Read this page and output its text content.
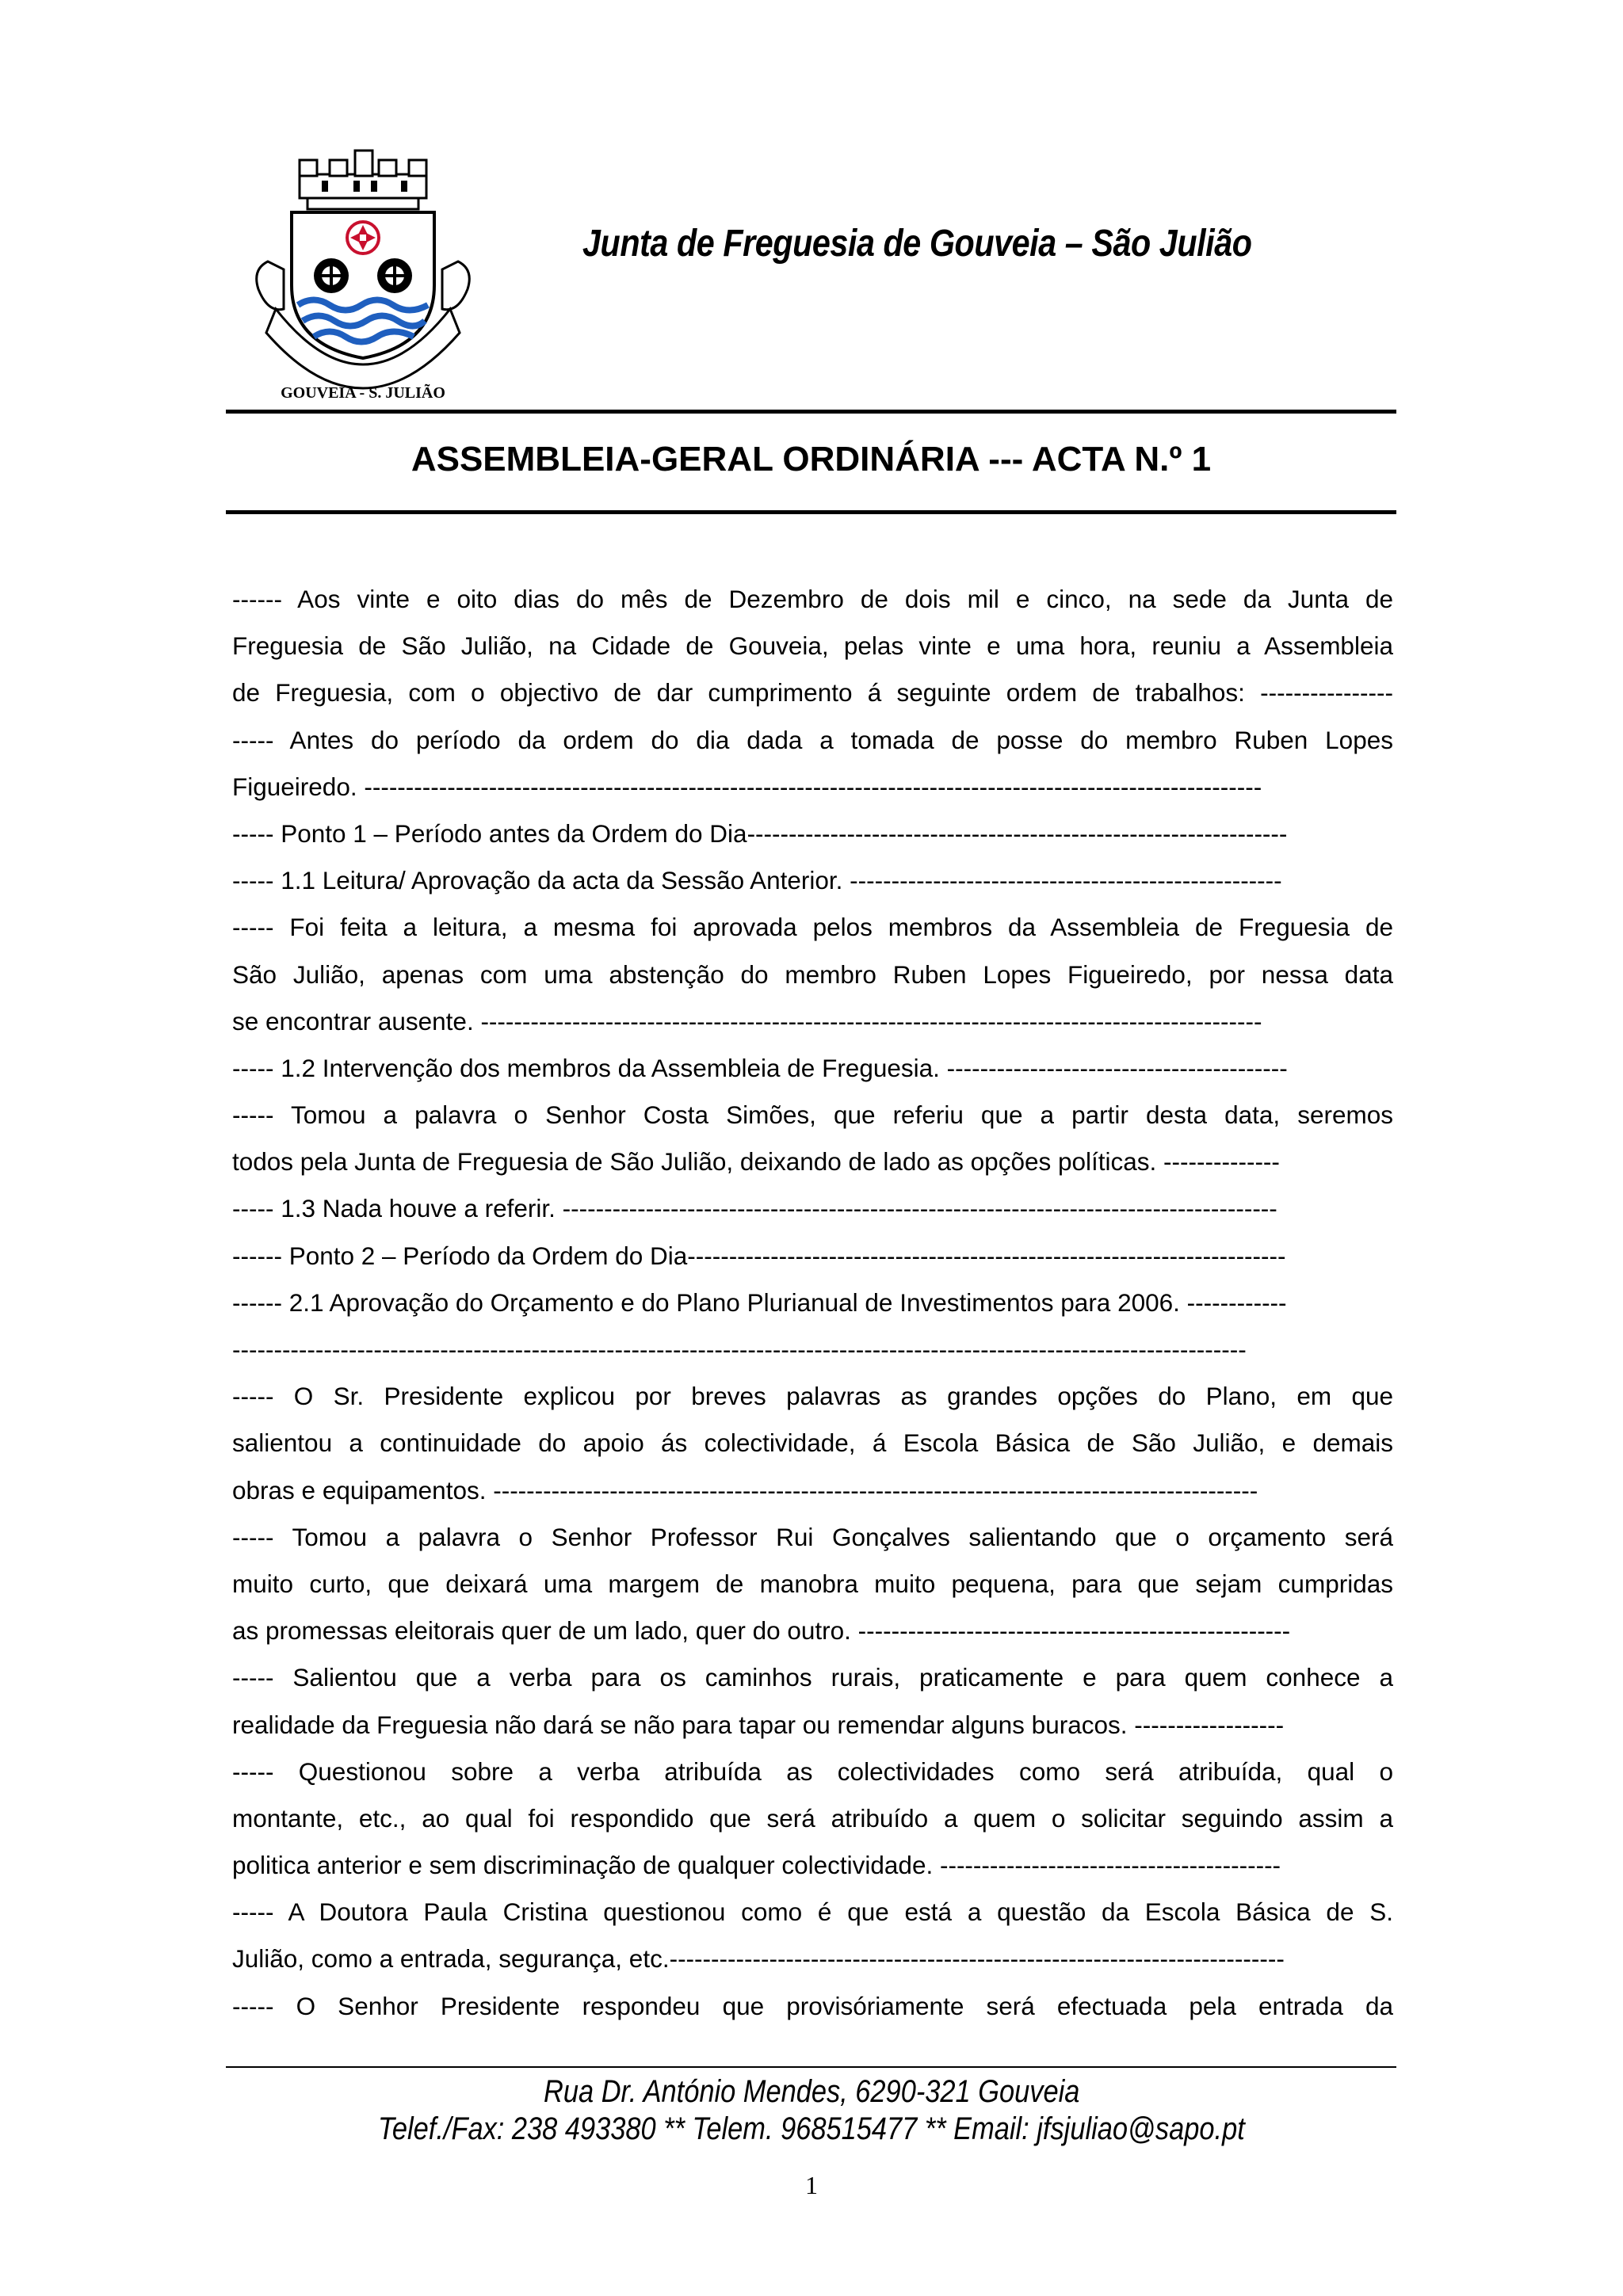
GOUVEIA - S. JULIÃO
Junta de Freguesia de Gouveia – São Julião
ASSEMBLEIA-GERAL ORDINÁRIA --- ACTA N.º 1
------ Aos vinte e oito dias do mês de Dezembro de dois mil e cinco, na sede da Junta de
Freguesia de São Julião, na Cidade de Gouveia, pelas vinte e uma hora, reuniu a Assembleia
de Freguesia, com o objectivo de dar cumprimento á seguinte ordem de trabalhos: ----------------
----- Antes do período da ordem do dia dada a tomada de posse do membro Ruben Lopes
Figueiredo. ------------------------------------------------------------------------------------------------------------
----- Ponto 1 – Período antes da Ordem do Dia-----------------------------------------------------------------
----- 1.1 Leitura/ Aprovação da acta da Sessão Anterior. ----------------------------------------------------
----- Foi feita a leitura, a mesma foi aprovada pelos membros da Assembleia de Freguesia de
São Julião, apenas com uma abstenção do membro Ruben Lopes Figueiredo, por nessa data
se encontrar ausente. ----------------------------------------------------------------------------------------------
----- 1.2 Intervenção dos membros da Assembleia de Freguesia. -----------------------------------------
----- Tomou a palavra o Senhor Costa Simões, que referiu que a partir desta data, seremos
todos pela Junta de Freguesia de São Julião, deixando de lado as opções políticas. --------------
----- 1.3 Nada houve a referir. --------------------------------------------------------------------------------------
------ Ponto 2 – Período da Ordem do Dia------------------------------------------------------------------------
------ 2.1 Aprovação do Orçamento e do Plano Plurianual de Investimentos para 2006. ------------
--------------------------------------------------------------------------------------------------------------------------
----- O Sr. Presidente explicou por breves palavras as grandes opções do Plano, em que
salientou a continuidade do apoio ás colectividade, á Escola Básica de São Julião, e demais
obras e equipamentos. --------------------------------------------------------------------------------------------
----- Tomou a palavra o Senhor Professor Rui Gonçalves salientando que o orçamento será
muito curto, que deixará uma margem de manobra muito pequena, para que sejam cumpridas
as promessas eleitorais quer de um lado, quer do outro. ----------------------------------------------------
----- Salientou que a verba para os caminhos rurais, praticamente e para quem conhece a
realidade da Freguesia não dará se não para tapar ou remendar alguns buracos. ------------------
----- Questionou sobre a verba atribuída as colectividades como será atribuída, qual o
montante, etc., ao qual foi respondido que será atribuído a quem o solicitar seguindo assim a
politica anterior e sem discriminação de qualquer colectividade. -----------------------------------------
----- A Doutora Paula Cristina questionou como é que está a questão da Escola Básica de S.
Julião, como a entrada, segurança, etc.--------------------------------------------------------------------------
----- O Senhor Presidente respondeu que provisóriamente será efectuada pela entrada da
Rua Dr. António Mendes, 6290-321 Gouveia
Telef./Fax: 238 493380 ** Telem. 968515477 ** Email: jfsjuliao@sapo.pt
1
